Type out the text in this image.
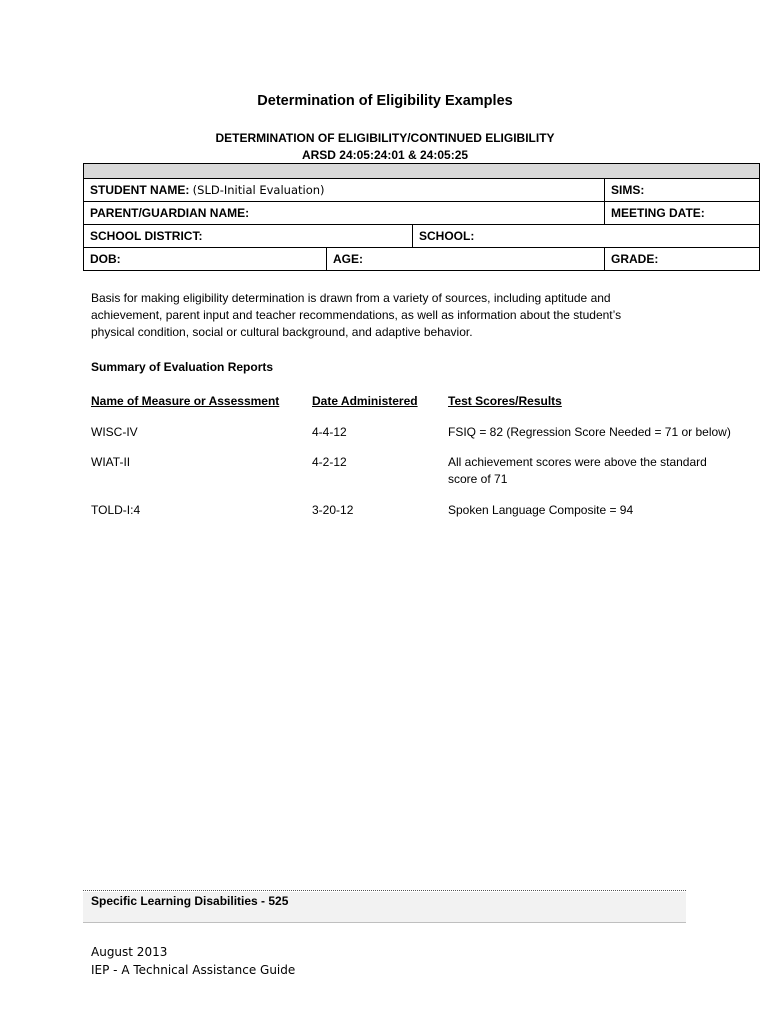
Determination of Eligibility Examples
DETERMINATION OF ELIGIBILITY/CONTINUED ELIGIBILITY
ARSD 24:05:24:01 & 24:05:25

STUDENT NAME: (SLD-Initial Evaluation)			SIMS:
PARENT/GUARDIAN NAME:			MEETING DATE:
SCHOOL DISTRICT:		SCHOOL:	
DOB:	AGE:		GRADE:
Basis for making eligibility determination is drawn from a variety of sources, including aptitude and achievement, parent input and teacher recommendations, as well as information about the student’s physical condition, social or cultural background, and adaptive behavior.
Summary of Evaluation Reports
Name of Measure or Assessment	Date Administered	Test Scores/Results
WISC-IV	4-4-12	FSIQ = 82 (Regression Score Needed = 71 or below)
WIAT-II	4-2-12	All achievement scores were above the standard
score of 71
TOLD-I:4	3-20-12	Spoken Language Composite = 94
Specific Learning Disabilities - 525
August 2013
IEP - A Technical Assistance Guide
